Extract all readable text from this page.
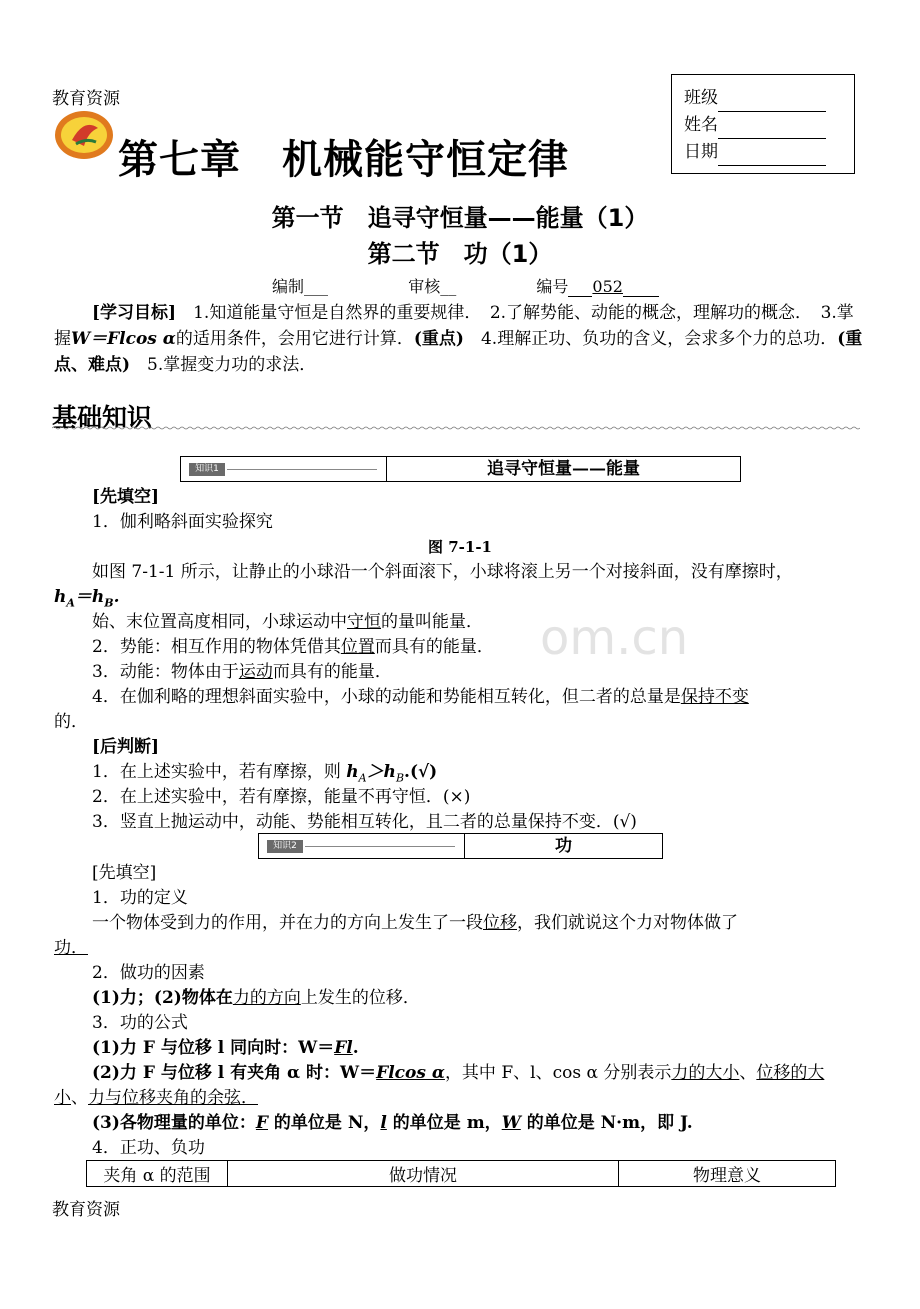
教育资源
第七章　机械能守恒定律
班级
姓名
日期
第一节　追寻守恒量——能量（1）
第二节　功（1）
编制___	审核__	编号 052
[学习目标]　 1.知道能量守恒是自然界的重要规律．　 2.了解势能、动能的概念，理解功的概念．　 3.掌握W＝Flcos α的适用条件，会用它进行计算．(重点)　 4.理解正功、负功的含义，会求多个力的总功．(重点、难点)　 5.掌握变力功的求法．
基础知识
om.cn
知识1	追寻守恒量——能量
[先填空]
1．伽利略斜面实验探究
图 7-1-1
如图 7-1-1 所示，让静止的小球沿一个斜面滚下，小球将滚上另一个对接斜面，没有摩擦时，
$h_A=h_B$.
始、末位置高度相同，小球运动中守恒的量叫能量．
2．势能：相互作用的物体凭借其位置而具有的能量．
3．动能：物体由于运动而具有的能量．
4．在伽利略的理想斜面实验中，小球的动能和势能相互转化，但二者的总量是保持不变
的．
[后判断]
1．在上述实验中，若有摩擦，则 $h_A>h_B.(√)$
2．在上述实验中，若有摩擦，能量不再守恒．(×)
3．竖直上抛运动中，动能、势能相互转化，且二者的总量保持不变．(√)
知识2	功
[先填空]
1．功的定义
一个物体受到力的作用，并在力的方向上发生了一段位移，我们就说这个力对物体做了
功．
2．做功的因素
(1)力；(2)物体在力的方向上发生的位移．
3．功的公式
(1)力 F 与位移 l 同向时：W＝Fl.
(2)力 F 与位移 l 有夹角 α 时：W＝Flcos α，其中 F、l、cos α 分别表示力的大小、位移的大
小、力与位移夹角的余弦．
(3)各物理量的单位：F 的单位是 N，l 的单位是 m，W 的单位是 N·m，即 J.
4．正功、负功
夹角 α 的范围	做功情况	物理意义
教育资源
